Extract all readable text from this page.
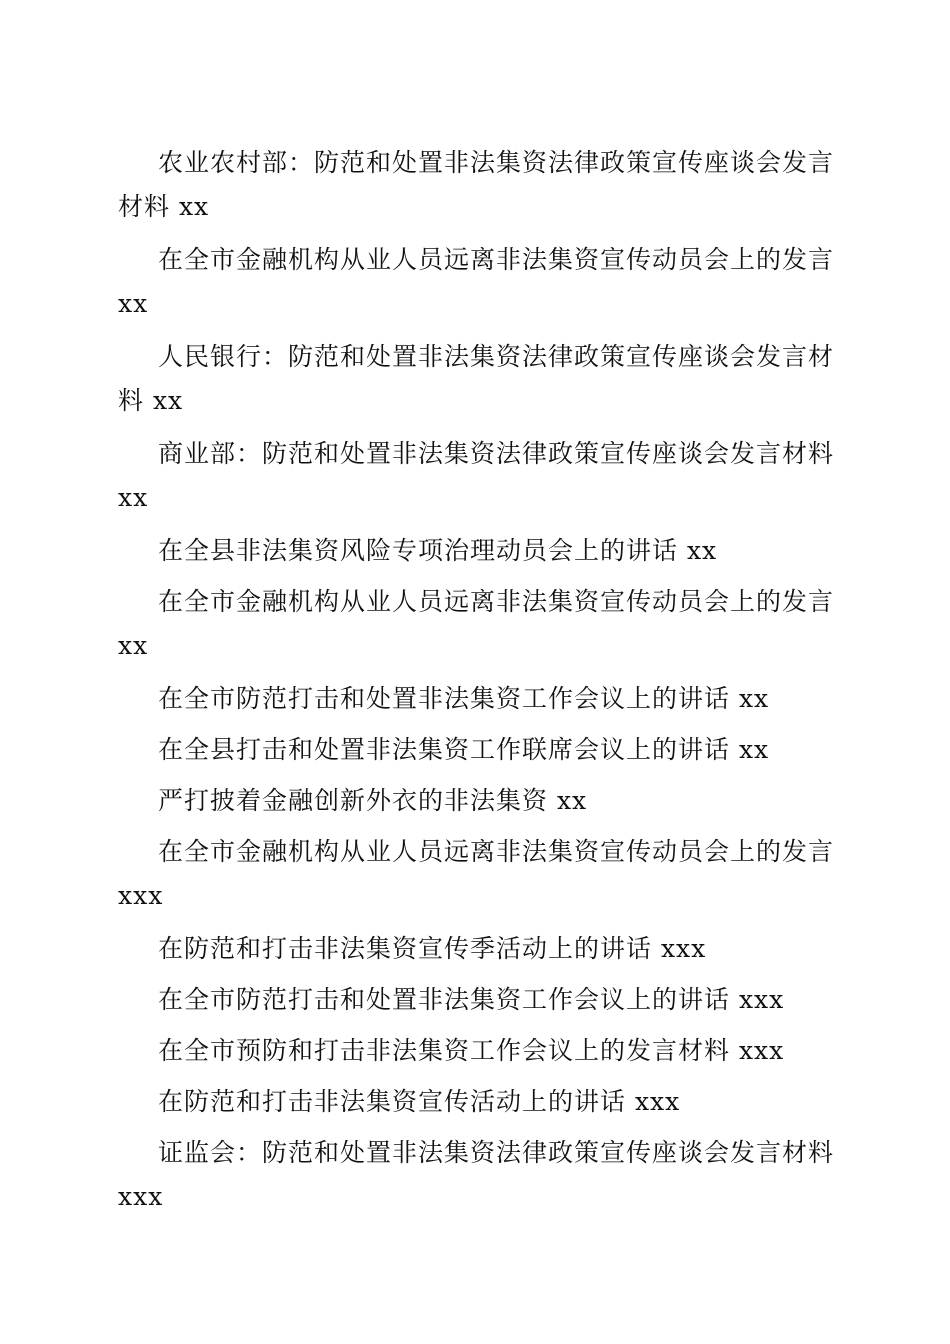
农业农村部：防范和处置非法集资法律政策宣传座谈会发言

材料 xx

在全市金融机构从业人员远离非法集资宣传动员会上的发言

xx

人民银行：防范和处置非法集资法律政策宣传座谈会发言材

料 xx

商业部：防范和处置非法集资法律政策宣传座谈会发言材料

xx

在全县非法集资风险专项治理动员会上的讲话 xx

在全市金融机构从业人员远离非法集资宣传动员会上的发言

xx

在全市防范打击和处置非法集资工作会议上的讲话 xx

在全县打击和处置非法集资工作联席会议上的讲话 xx

严打披着金融创新外衣的非法集资 xx

在全市金融机构从业人员远离非法集资宣传动员会上的发言

xxx

在防范和打击非法集资宣传季活动上的讲话 xxx

在全市防范打击和处置非法集资工作会议上的讲话 xxx

在全市预防和打击非法集资工作会议上的发言材料 xxx

在防范和打击非法集资宣传活动上的讲话 xxx

证监会：防范和处置非法集资法律政策宣传座谈会发言材料

xxx
